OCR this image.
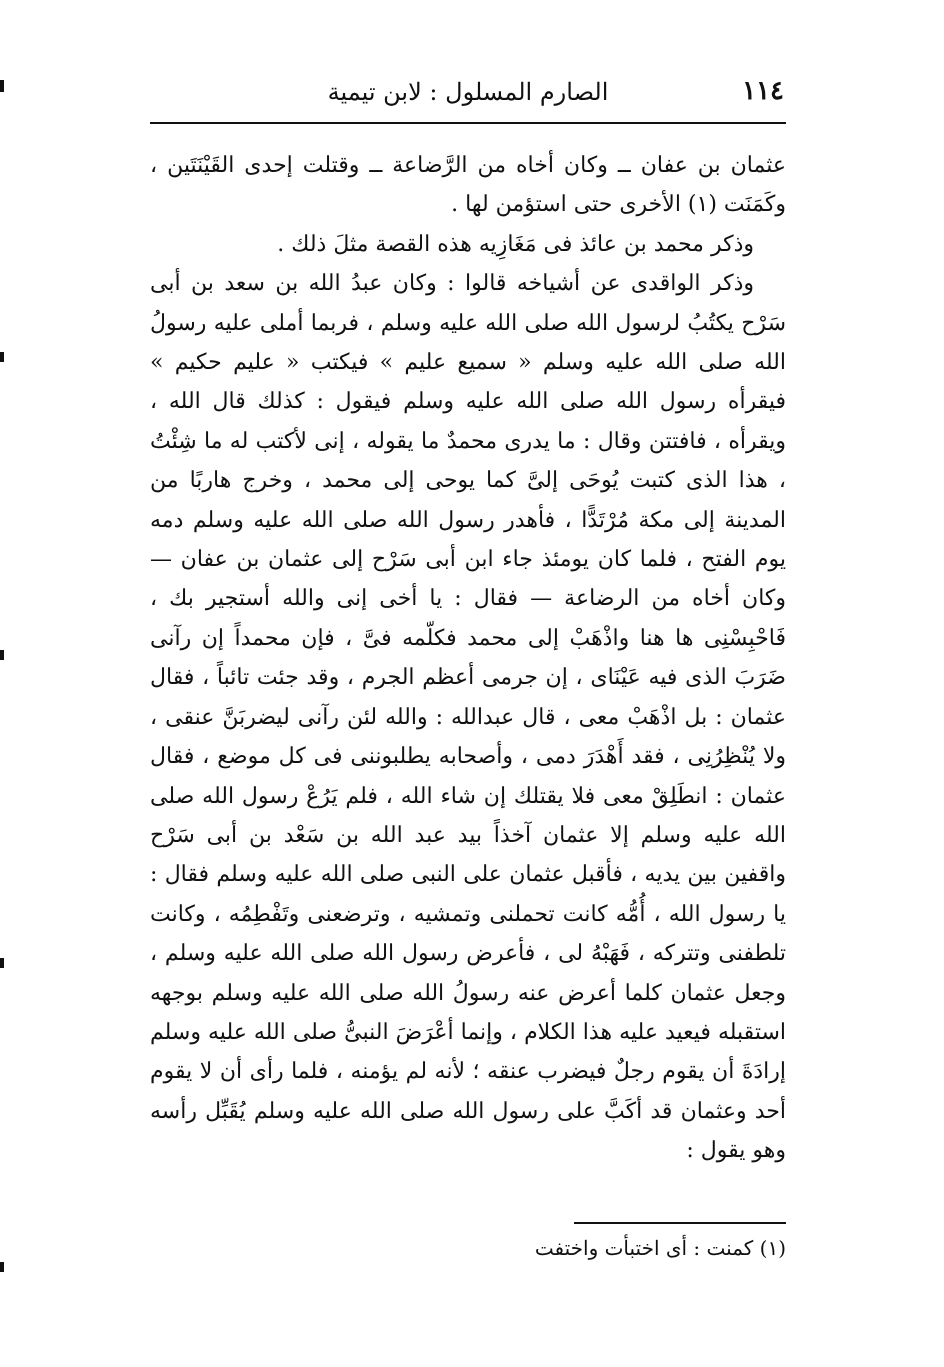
١١٤
الصارم المسلول : لابن تيمية

عثمان بن عفان ــ وكان أخاه من الرَّضاعة ــ وقتلت إحدى القَيْنَتَين ، وكَمَنَت (١) الأخرى حتى استؤمن لها .

وذكر محمد بن عائذ فى مَغَازِيه هذه القصة مثلَ ذلك .

وذكر الواقدى عن أشياخه قالوا : وكان عبدُ الله بن سعد بن أبى سَرْح يكتُبُ لرسول الله صلى الله عليه وسلم ، فربما أملى عليه رسولُ الله صلى الله عليه وسلم « سميع عليم » فيكتب « عليم حكيم » فيقرأه رسول الله صلى الله عليه وسلم فيقول : كذلك قال الله ، ويقرأه ، فافتتن وقال : ما يدرى محمدٌ ما يقوله ، إنى لأكتب له ما شِئْتُ ، هذا الذى كتبت يُوحَى إلىَّ كما يوحى إلى محمد ، وخرج هاربًا من المدينة إلى مكة مُرْتَدًّا ، فأهدر رسول الله صلى الله عليه وسلم دمه يوم الفتح ، فلما كان يومئذ جاء ابن أبى سَرْح إلى عثمان بن عفان — وكان أخاه من الرضاعة — فقال : يا أخى إنى والله أستجير بك ، فَاحْبِسْنِى ها هنا واذْهَبْ إلى محمد فكلّمه فىَّ ، فإن محمداً إن رآنى ضَرَبَ الذى فيه عَيْنَاى ، إن جرمى أعظم الجرم ، وقد جئت تائباً ، فقال عثمان : بل اذْهَبْ معى ، قال عبدالله : والله لئن رآنى ليضربَنَّ عنقى ، ولا يُنْظِرُنِى ، فقد أَهْدَرَ دمى ، وأصحابه يطلبوننى فى كل موضع ، فقال عثمان : انطَلِقْ معى فلا يقتلك إن شاء الله ، فلم يَرُعْ رسول الله صلى الله عليه وسلم إلا عثمان آخذاً بيد عبد الله بن سَعْد بن أبى سَرْح واقفين بين يديه ، فأقبل عثمان على النبى صلى الله عليه وسلم فقال : يا رسول الله ، أُمُّه كانت تحملنى وتمشيه ، وترضعنى وتَفْطِمُه ، وكانت تلطفنى وتتركه ، فَهَبْهُ لى ، فأعرض رسول الله صلى الله عليه وسلم ، وجعل عثمان كلما أعرض عنه رسولُ الله صلى الله عليه وسلم بوجهه استقبله فيعيد عليه هذا الكلام ، وإنما أعْرَضَ النبىُّ صلى الله عليه وسلم إرادَةَ أن يقوم رجلٌ فيضرب عنقه ؛ لأنه لم يؤمنه ، فلما رأى أن لا يقوم أحد وعثمان قد أكَبَّ على رسول الله صلى الله عليه وسلم يُقَبِّل رأسه وهو يقول :

(١) كمنت : أى اختبأت واختفت
